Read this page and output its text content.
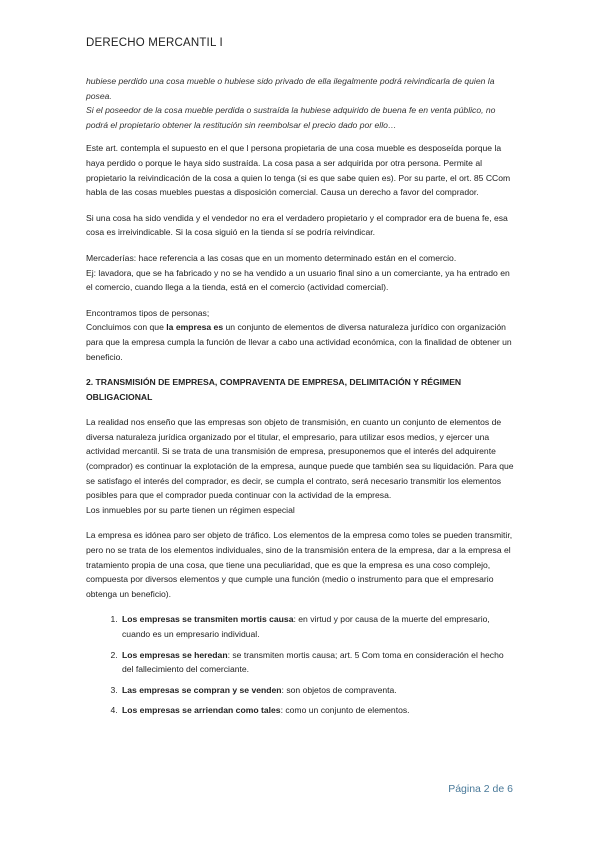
DERECHO MERCANTIL I

hubiese perdido una cosa mueble o hubiese sido privado de ella ilegalmente podrá reivindicarla de quien la posea.

Si el poseedor de la cosa mueble perdida o sustraída la hubiese adquirido de buena fe en venta público, no podrá el propietario obtener la restitución sin reembolsar el precio dado por ello…

Este art. contempla el supuesto en el que l persona propietaria de una cosa mueble es desposeída porque la haya perdido o porque le haya sido sustraída. La cosa pasa a ser adquirida por otra persona. Permite al propietario la reivindicación de la cosa a quien lo tenga (si es que sabe quien es). Por su parte, el ort. 85 CCom habla de las cosas muebles puestas a disposición comercial. Causa un derecho a favor del comprador.

Si una cosa ha sido vendida y el vendedor no era el verdadero propietario y el comprador era de buena fe, esa cosa es irreivindicable. Si la cosa siguió en la tienda sí se podría reivindicar.

Mercaderías: hace referencia a las cosas que en un momento determinado están en el comercio.

Ej: lavadora, que se ha fabricado y no se ha vendido a un usuario final sino a un comerciante, ya ha entrado en el comercio, cuando llega a la tienda, está en el comercio (actividad comercial).

Encontramos tipos de personas;

Concluimos con que la empresa es un conjunto de elementos de diversa naturaleza jurídico con organización para que la empresa cumpla la función de llevar a cabo una actividad económica, con la finalidad de obtener un beneficio.

2. TRANSMISIÓN DE EMPRESA, COMPRAVENTA DE EMPRESA, DELIMITACIÓN Y RÉGIMEN OBLIGACIONAL

La realidad nos enseño que las empresas son objeto de transmisión, en cuanto un conjunto de elementos de diversa naturaleza jurídica organizado por el titular, el empresario, para utilizar esos medios, y ejercer una actividad mercantil. Si se trata de una transmisión de empresa, presuponemos que el interés del adquirente (comprador) es continuar la explotación de la empresa, aunque puede que también sea su liquidación. Para que se satisfago el interés del comprador, es decir, se cumpla el contrato, será necesario transmitir los elementos posibles para que el comprador pueda continuar con la actividad de la empresa.

Los inmuebles por su parte tienen un régimen especial

La empresa es idónea paro ser objeto de tráfico. Los elementos de la empresa como toles se pueden transmitir, pero no se trata de los elementos individuales, sino de la transmisión entera de la empresa, dar a la empresa el tratamiento propia de una cosa, que tiene una peculiaridad, que es que la empresa es una coso complejo, compuesta por diversos elementos y que cumple una función (medio o instrumento para que el empresario obtenga un beneficio).

1. Los empresas se transmiten mortis causa: en virtud y por causa de la muerte del empresario, cuando es un empresario individual.
2. Los empresas se heredan: se transmiten mortis causa; art. 5 Com toma en consideración el hecho del fallecimiento del comerciante.
3. Las empresas se compran y se venden: son objetos de compraventa.
4. Los empresas se arriendan como tales: como un conjunto de elementos.
Página 2 de 6
